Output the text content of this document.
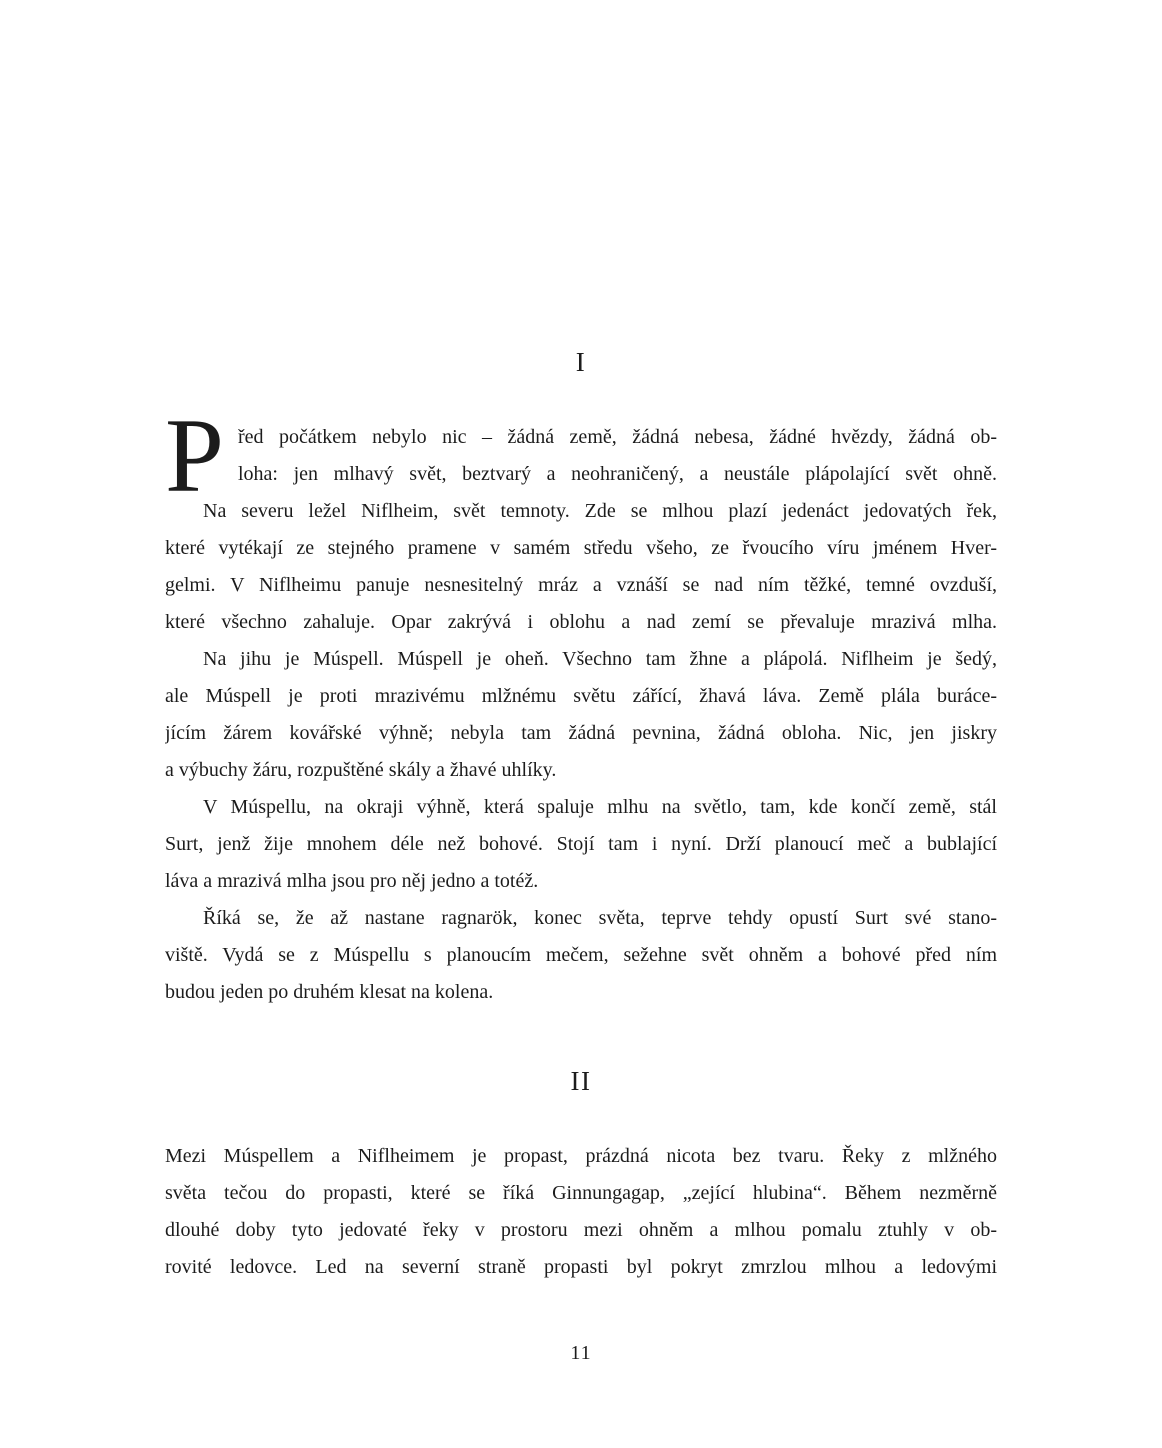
I
P řed počátkem nebylo nic – žádná země, žádná nebesa, žádné hvězdy, žádná ob-
loha: jen mlhavý svět, beztvarý a neohraničený, a neustále plápolající svět ohně.
Na severu ležel Niflheim, svět temnoty. Zde se mlhou plazí jedenáct jedovatých řek,
které vytékají ze stejného pramene v samém středu všeho, ze řvoucího víru jménem Hver-
gelmi. V Niflheimu panuje nesnesitelný mráz a vznáší se nad ním těžké, temné ovzduší,
které všechno zahaluje. Opar zakrývá i oblohu a nad zemí se převaluje mrazivá mlha.
Na jihu je Múspell. Múspell je oheň. Všechno tam žhne a plápolá. Niflheim je šedý,
ale Múspell je proti mrazivému mlžnému světu zářící, žhavá láva. Země plála buráce-
jícím žárem kovářské výhně; nebyla tam žádná pevnina, žádná obloha. Nic, jen jiskry
a výbuchy žáru, rozpuštěné skály a žhavé uhlíky.
V Múspellu, na okraji výhně, která spaluje mlhu na světlo, tam, kde končí země, stál
Surt, jenž žije mnohem déle než bohové. Stojí tam i nyní. Drží planoucí meč a bublající
láva a mrazivá mlha jsou pro něj jedno a totéž.
Říká se, že až nastane ragnarök, konec světa, teprve tehdy opustí Surt své stano-
viště. Vydá se z Múspellu s planoucím mečem, sežehne svět ohněm a bohové před ním
budou jeden po druhém klesat na kolena.
II
Mezi Múspellem a Niflheimem je propast, prázdná nicota bez tvaru. Řeky z mlžného
světa tečou do propasti, které se říká Ginnungagap, „zející hlubina“. Během nezměrně
dlouhé doby tyto jedovaté řeky v prostoru mezi ohněm a mlhou pomalu ztuhly v ob-
rovité ledovce. Led na severní straně propasti byl pokryt zmrzlou mlhou a ledovými
11
